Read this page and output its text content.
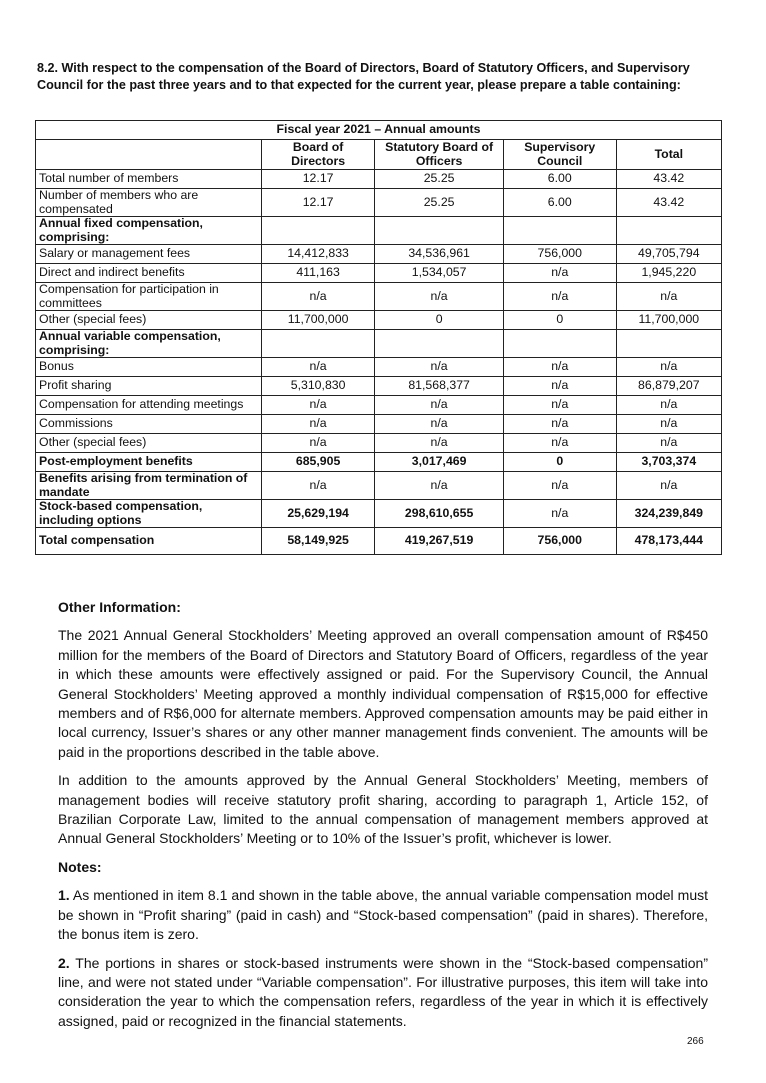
8.2. With respect to the compensation of the Board of Directors, Board of Statutory Officers, and Supervisory Council for the past three years and to that expected for the current year, please prepare a table containing:
Fiscal year 2021 – Annual amounts				
	Board of Directors	Statutory Board of Officers	Supervisory Council	Total
Total number of members	12.17	25.25	6.00	43.42
Number of members who are compensated	12.17	25.25	6.00	43.42
Annual fixed compensation, comprising:				
Salary or management fees	14,412,833	34,536,961	756,000	49,705,794
Direct and indirect benefits	411,163	1,534,057	n/a	1,945,220
Compensation for participation in committees	n/a	n/a	n/a	n/a
Other (special fees)	11,700,000	0	0	11,700,000
Annual variable compensation, comprising:				
Bonus	n/a	n/a	n/a	n/a
Profit sharing	5,310,830	81,568,377	n/a	86,879,207
Compensation for attending meetings	n/a	n/a	n/a	n/a
Commissions	n/a	n/a	n/a	n/a
Other (special fees)	n/a	n/a	n/a	n/a
Post-employment benefits	685,905	3,017,469	0	3,703,374
Benefits arising from termination of mandate	n/a	n/a	n/a	n/a
Stock-based compensation, including options	25,629,194	298,610,655	n/a	324,239,849
Total compensation	58,149,925	419,267,519	756,000	478,173,444
Other Information:

The 2021 Annual General Stockholders’ Meeting approved an overall compensation amount of R$450 million for the members of the Board of Directors and Statutory Board of Officers, regardless of the year in which these amounts were effectively assigned or paid. For the Supervisory Council, the Annual General Stockholders’ Meeting approved a monthly individual compensation of R$15,000 for effective members and of R$6,000 for alternate members. Approved compensation amounts may be paid either in local currency, Issuer’s shares or any other manner management finds convenient. The amounts will be paid in the proportions described in the table above.

In addition to the amounts approved by the Annual General Stockholders’ Meeting, members of management bodies will receive statutory profit sharing, according to paragraph 1, Article 152, of Brazilian Corporate Law, limited to the annual compensation of management members approved at Annual General Stockholders’ Meeting or to 10% of the Issuer’s profit, whichever is lower.

Notes:

1. As mentioned in item 8.1 and shown in the table above, the annual variable compensation model must be shown in “Profit sharing” (paid in cash) and “Stock-based compensation” (paid in shares). Therefore, the bonus item is zero.

2. The portions in shares or stock-based instruments were shown in the “Stock-based compensation” line, and were not stated under “Variable compensation”. For illustrative purposes, this item will take into consideration the year to which the compensation refers, regardless of the year in which it is effectively assigned, paid or recognized in the financial statements.

266
